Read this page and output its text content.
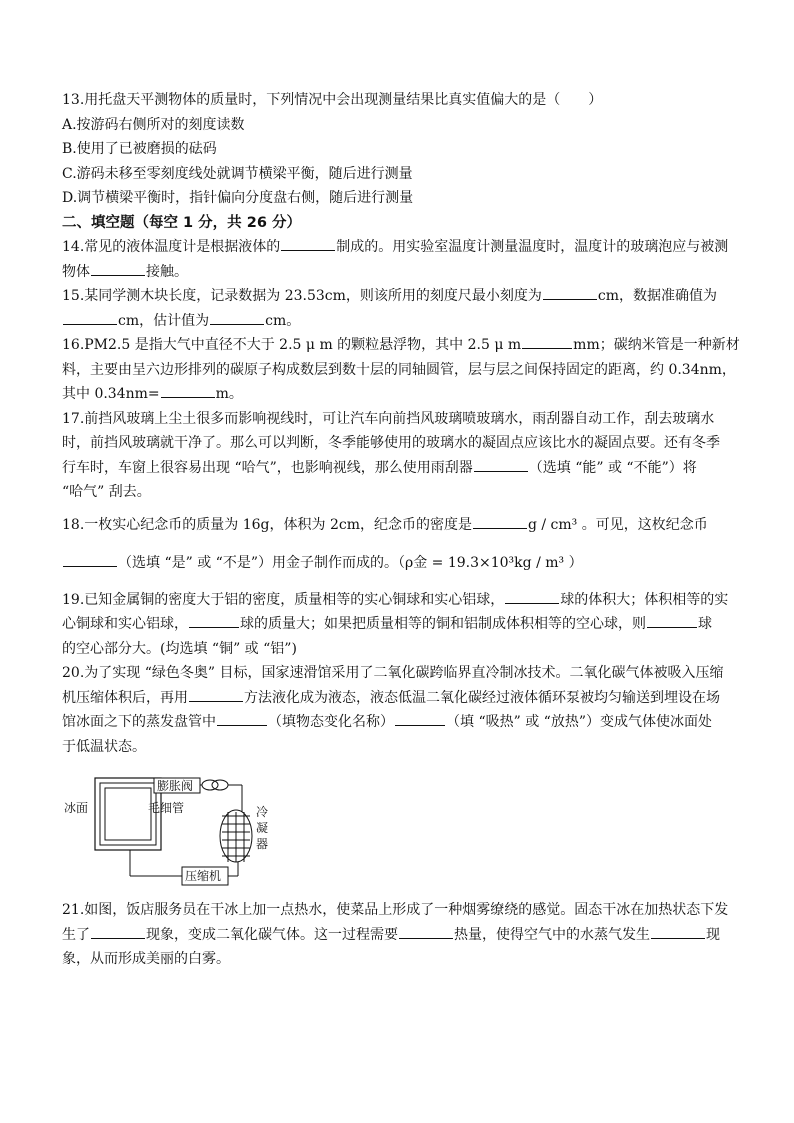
13.用托盘天平测物体的质量时，下列情况中会出现测量结果比真实值偏大的是（　　）
A.按游码右侧所对的刻度读数
B.使用了已被磨损的砝码
C.游码未移至零刻度线处就调节横梁平衡，随后进行测量
D.调节横梁平衡时，指针偏向分度盘右侧，随后进行测量
二、填空题（每空 1 分，共 26 分）
14.常见的液体温度计是根据液体的	制成的。用实验室温度计测量温度时，温度计的玻璃泡应与被测
物体	接触。
15.某同学测木块长度，记录数据为 23.53cm，则该所用的刻度尺最小刻度为	cm，数据准确值为
cm，估计值为	cm。
16.PM2.5 是指大气中直径不大于 2.5 μ m 的颗粒悬浮物，其中 2.5 μ m	mm；碳纳米管是一种新材
料，主要由呈六边形排列的碳原子构成数层到数十层的同轴圆管，层与层之间保持固定的距离，约 0.34nm，
其中 0.34nm=	m。
17.前挡风玻璃上尘土很多而影响视线时，可让汽车向前挡风玻璃喷玻璃水，雨刮器自动工作，刮去玻璃水
时，前挡风玻璃就干净了。那么可以判断，冬季能够使用的玻璃水的凝固点应该比水的凝固点要。还有冬季
行车时，车窗上很容易出现 “哈气”，也影响视线，那么使用雨刮器	（选填 “能” 或 “不能”）将
“哈气” 刮去。
18.一枚实心纪念币的质量为 16g，体积为 2cm，纪念币的密度是	g / cm³ 。可见，这枚纪念币
（选填 “是” 或 “不是”）用金子制作而成的。（ρ金 = 19.3×10³kg / m³ ）
19.已知金属铜的密度大于铝的密度，质量相等的实心铜球和实心铝球，	球的体积大；体积相等的实
心铜球和实心铝球，	球的质量大；如果把质量相等的铜和铝制成体积相等的空心球，则	球
的空心部分大。(均选填 “铜” 或 “铝”)
20.为了实现 “绿色冬奥” 目标，国家速滑馆采用了二氧化碳跨临界直冷制冰技术。二氧化碳气体被吸入压缩
机压缩体积后，再用	方法液化成为液态，液态低温二氧化碳经过液体循环泵被均匀输送到埋设在场
馆冰面之下的蒸发盘管中	（填物态变化名称）	（填 “吸热” 或 “放热”）变成气体使冰面处
于低温状态。
膨胀阀
毛细管	冷
凝
器
压缩机
冰面
21.如图，饭店服务员在干冰上加一点热水，使菜品上形成了一种烟雾缭绕的感觉。固态干冰在加热状态下发
生了	现象，变成二氧化碳气体。这一过程需要	热量，使得空气中的水蒸气发生	现
象，从而形成美丽的白雾。
